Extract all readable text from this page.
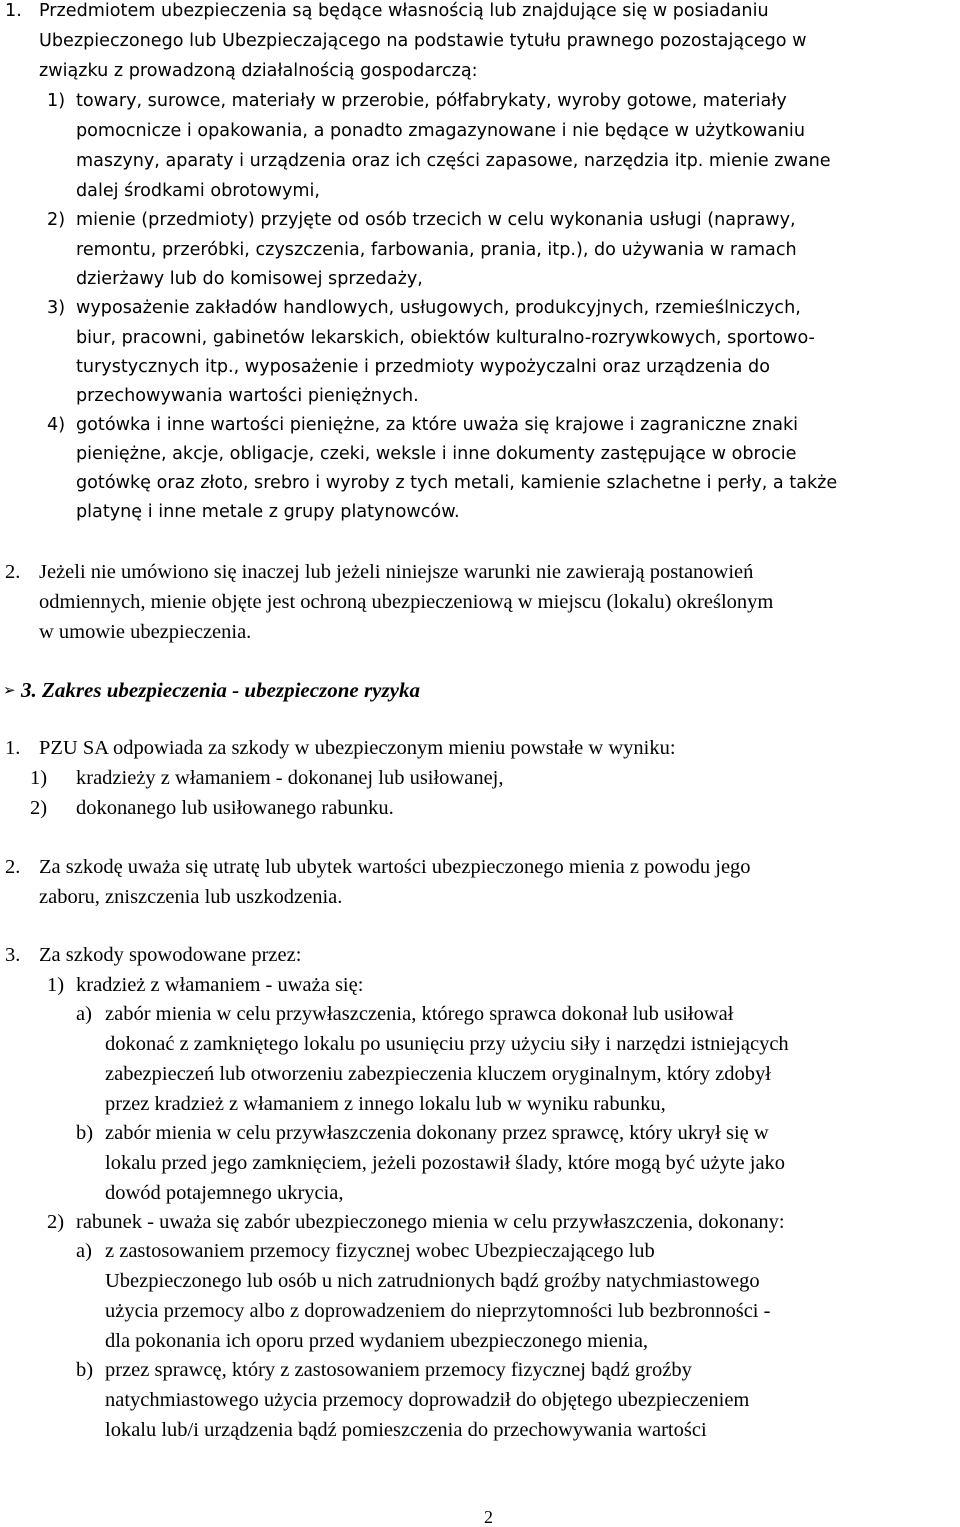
1. Przedmiotem ubezpieczenia są będące własnością lub znajdujące się w posiadaniu
Ubezpieczonego lub Ubezpieczającego na podstawie tytułu prawnego pozostającego w
związku z prowadzoną działalnością gospodarczą:
1) towary, surowce, materiały w przerobie, półfabrykaty, wyroby gotowe, materiały
pomocnicze i opakowania, a ponadto zmagazynowane i nie będące w użytkowaniu
maszyny, aparaty i urządzenia oraz ich części zapasowe, narzędzia itp. mienie zwane
dalej środkami obrotowymi,
2) mienie (przedmioty) przyjęte od osób trzecich w celu wykonania usługi (naprawy,
remontu, przeróbki, czyszczenia, farbowania, prania, itp.), do używania w ramach
dzierżawy lub do komisowej sprzedaży,
3) wyposażenie zakładów handlowych, usługowych, produkcyjnych, rzemieślniczych,
biur, pracowni, gabinetów lekarskich, obiektów kulturalno-rozrywkowych, sportowo-
turystycznych itp., wyposażenie i przedmioty wypożyczalni oraz urządzenia do
przechowywania wartości pieniężnych.
4) gotówka i inne wartości pieniężne, za które uważa się krajowe i zagraniczne znaki
pieniężne, akcje, obligacje, czeki, weksle i inne dokumenty zastępujące w obrocie
gotówkę oraz złoto, srebro i wyroby z tych metali, kamienie szlachetne i perły, a także
platynę i inne metale z grupy platynowców.
2. Jeżeli nie umówiono się inaczej lub jeżeli niniejsze warunki nie zawierają postanowień
odmiennych, mienie objęte jest ochroną ubezpieczeniową w miejscu (lokalu) określonym
w umowie ubezpieczenia.
➢ 3. Zakres ubezpieczenia - ubezpieczone ryzyka
1. PZU SA odpowiada za szkody w ubezpieczonym mieniu powstałe w wyniku:
1) kradzieży z włamaniem - dokonanej lub usiłowanej,
2) dokonanego lub usiłowanego rabunku.
2. Za szkodę uważa się utratę lub ubytek wartości ubezpieczonego mienia z powodu jego
zaboru, zniszczenia lub uszkodzenia.
3. Za szkody spowodowane przez:
1) kradzież z włamaniem - uważa się:
a) zabór mienia w celu przywłaszczenia, którego sprawca dokonał lub usiłował
dokonać z zamkniętego lokalu po usunięciu przy użyciu siły i narzędzi istniejących
zabezpieczeń lub otworzeniu zabezpieczenia kluczem oryginalnym, który zdobył
przez kradzież z włamaniem z innego lokalu lub w wyniku rabunku,
b) zabór mienia w celu przywłaszczenia dokonany przez sprawcę, który ukrył się w
lokalu przed jego zamknięciem, jeżeli pozostawił ślady, które mogą być użyte jako
dowód potajemnego ukrycia,
2) rabunek - uważa się zabór ubezpieczonego mienia w celu przywłaszczenia, dokonany:
a) z zastosowaniem przemocy fizycznej wobec Ubezpieczającego lub
Ubezpieczonego lub osób u nich zatrudnionych bądź groźby natychmiastowego
użycia przemocy albo z doprowadzeniem do nieprzytomności lub bezbronności -
dla pokonania ich oporu przed wydaniem ubezpieczonego mienia,
b) przez sprawcę, który z zastosowaniem przemocy fizycznej bądź groźby
natychmiastowego użycia przemocy doprowadził do objętego ubezpieczeniem
lokalu lub/i urządzenia bądź pomieszczenia do przechowywania wartości
2
